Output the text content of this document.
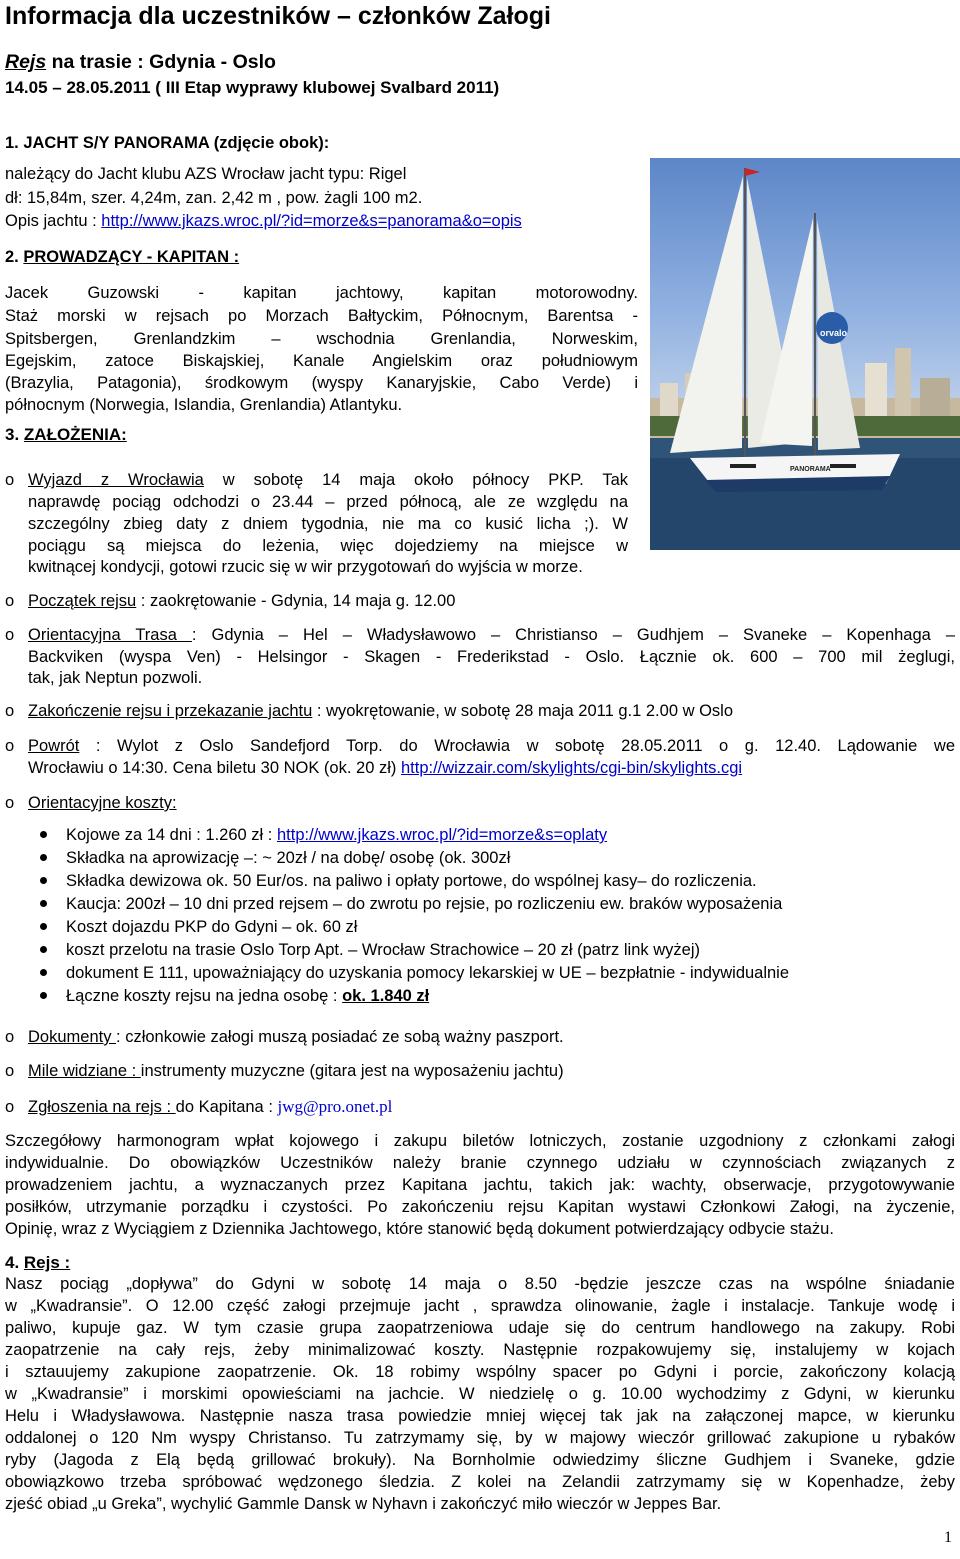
Informacja dla uczestników – członków Załogi
Rejs na trasie : Gdynia - Oslo
14.05 – 28.05.2011 ( III Etap wyprawy klubowej Svalbard 2011)
1. JACHT S/Y PANORAMA (zdjęcie obok):
należący do Jacht klubu AZS Wrocław jacht typu: Rigel
dł: 15,84m, szer. 4,24m, zan. 2,42 m , pow. żagli 100 m2.
Opis jachtu : http://www.jkazs.wroc.pl/?id=morze&s=panorama&o=opis
orvalo
PANORAMA
2. PROWADZĄCY - KAPITAN :
Jacek Guzowski - kapitan jachtowy, kapitan motorowodny.
Staż morski w rejsach po Morzach Bałtyckim, Północnym, Barentsa -
Spitsbergen, Grenlandzkim – wschodnia Grenlandia, Norweskim,
Egejskim, zatoce Biskajskiej, Kanale Angielskim oraz południowym
(Brazylia, Patagonia), środkowym (wyspy Kanaryjskie, Cabo Verde) i
północnym (Norwegia, Islandia, Grenlandia) Atlantyku.
3. ZAŁOŻENIA:
o Wyjazd z Wrocławia w sobotę 14 maja około północy PKP. Tak
naprawdę pociąg odchodzi o 23.44 – przed północą, ale ze względu na
szczególny zbieg daty z dniem tygodnia, nie ma co kusić licha ;). W
pociągu są miejsca do leżenia, więc dojedziemy na miejsce w
kwitnącej kondycji, gotowi rzucic się w wir przygotowań do wyjścia w morze.
o Początek rejsu : zaokrętowanie - Gdynia, 14 maja g. 12.00
o Orientacyjna Trasa : Gdynia – Hel – Władysławowo – Christianso – Gudhjem – Svaneke – Kopenhaga –
Backviken (wyspa Ven) - Helsingor - Skagen - Frederikstad - Oslo. Łącznie ok. 600 – 700 mil żeglugi,
tak, jak Neptun pozwoli.
o Zakończenie rejsu i przekazanie jachtu : wyokrętowanie, w sobotę 28 maja 2011 g.1 2.00 w Oslo
o Powrót : Wylot z Oslo Sandefjord Torp. do Wrocławia w sobotę 28.05.2011 o g. 12.40. Lądowanie we
Wrocławiu o 14:30. Cena biletu 30 NOK (ok. 20 zł) http://wizzair.com/skylights/cgi-bin/skylights.cgi
o Orientacyjne koszty:
Kojowe za 14 dni : 1.260 zł : http://www.jkazs.wroc.pl/?id=morze&s=oplaty
Składka na aprowizację –: ~ 20zł / na dobę/ osobę (ok. 300zł
Składka dewizowa ok. 50 Eur/os. na paliwo i opłaty portowe, do wspólnej kasy– do rozliczenia.
Kaucja: 200zł – 10 dni przed rejsem – do zwrotu po rejsie, po rozliczeniu ew. braków wyposażenia
Koszt dojazdu PKP do Gdyni – ok. 60 zł
koszt przelotu na trasie Oslo Torp Apt. – Wrocław Strachowice – 20 zł (patrz link wyżej)
dokument E 111, upoważniający do uzyskania pomocy lekarskiej w UE – bezpłatnie - indywidualnie
Łączne koszty rejsu na jedna osobę : ok. 1.840 zł
o Dokumenty : członkowie załogi muszą posiadać ze sobą ważny paszport.
o Mile widziane : instrumenty muzyczne (gitara jest na wyposażeniu jachtu)
o Zgłoszenia na rejs : do Kapitana : jwg@pro.onet.pl
Szczegółowy harmonogram wpłat kojowego i zakupu biletów lotniczych, zostanie uzgodniony z członkami załogi
indywidualnie. Do obowiązków Uczestników należy branie czynnego udziału w czynnościach związanych z
prowadzeniem jachtu, a wyznaczanych przez Kapitana jachtu, takich jak: wachty, obserwacje, przygotowywanie
posiłków, utrzymanie porządku i czystości. Po zakończeniu rejsu Kapitan wystawi Członkowi Załogi, na życzenie,
Opinię, wraz z Wyciągiem z Dziennika Jachtowego, które stanowić będą dokument potwierdzający odbycie stażu.
4. Rejs :
Nasz pociąg „dopływa” do Gdyni w sobotę 14 maja o 8.50 -będzie jeszcze czas na wspólne śniadanie
w „Kwadransie”. O 12.00 część załogi przejmuje jacht , sprawdza olinowanie, żagle i instalacje. Tankuje wodę i
paliwo, kupuje gaz. W tym czasie grupa zaopatrzeniowa udaje się do centrum handlowego na zakupy. Robi
zaopatrzenie na cały rejs, żeby minimalizować koszty. Następnie rozpakowujemy się, instalujemy w kojach
i sztauujemy zakupione zaopatrzenie. Ok. 18 robimy wspólny spacer po Gdyni i porcie, zakończony kolacją
w „Kwadransie” i morskimi opowieściami na jachcie. W niedzielę o g. 10.00 wychodzimy z Gdyni, w kierunku
Helu i Władysławowa. Następnie nasza trasa powiedzie mniej więcej tak jak na załączonej mapce, w kierunku
oddalonej o 120 Nm wyspy Christanso. Tu zatrzymamy się, by w majowy wieczór grillować zakupione u rybaków
ryby (Jagoda z Elą będą grillować brokuły). Na Bornholmie odwiedzimy śliczne Gudhjem i Svaneke, gdzie
obowiązkowo trzeba spróbować wędzonego śledzia. Z kolei na Zelandii zatrzymamy się w Kopenhadze, żeby
zjeść obiad „u Greka”, wychylić Gammle Dansk w Nyhavn i zakończyć miło wieczór w Jeppes Bar.
1
